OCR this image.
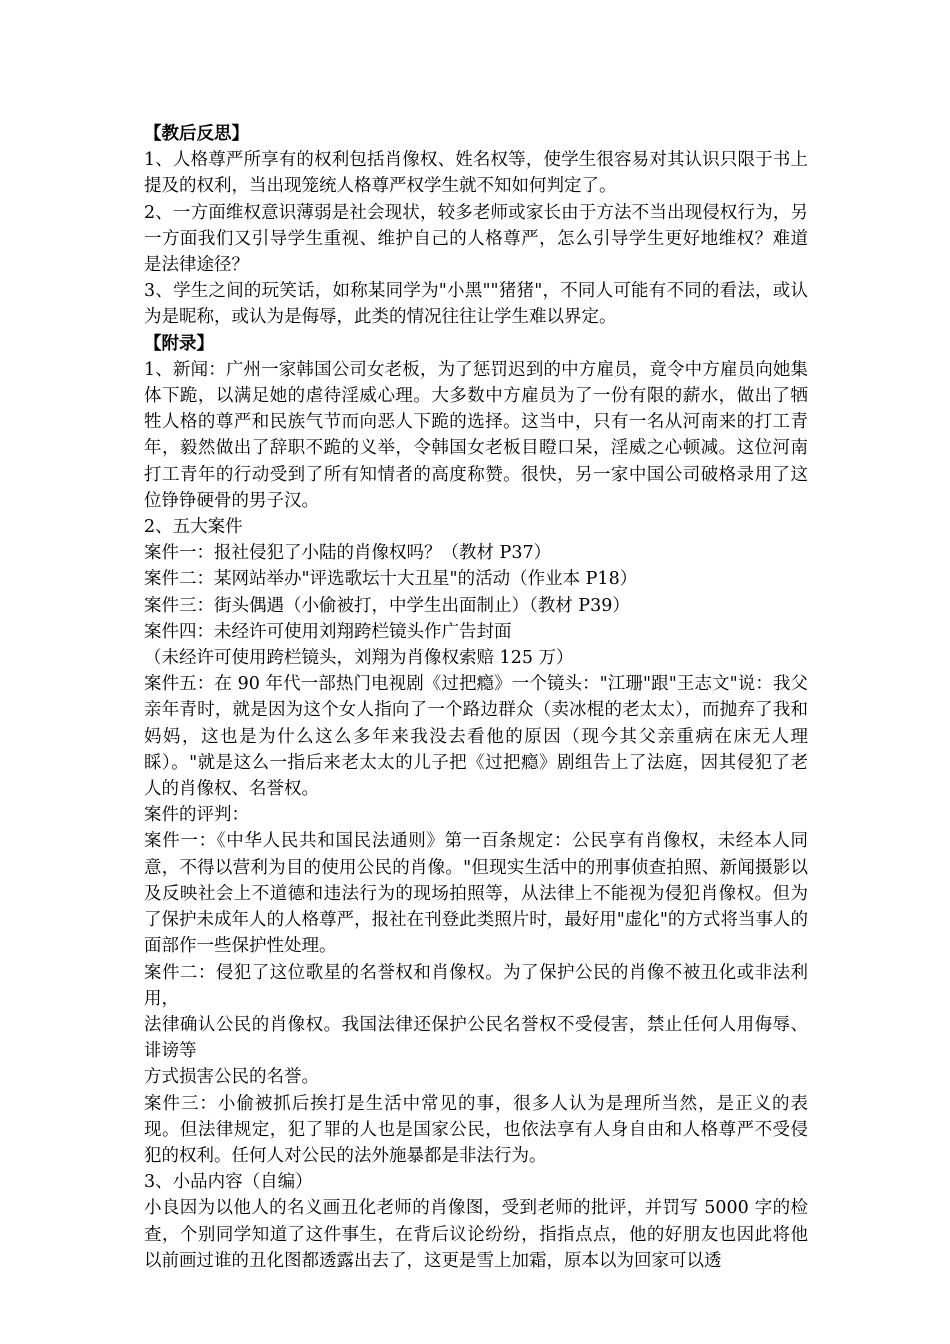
【教后反思】

1、人格尊严所享有的权利包括肖像权、姓名权等，使学生很容易对其认识只限于书上提及的权利，当出现笼统人格尊严权学生就不知如何判定了。

2、一方面维权意识薄弱是社会现状，较多老师或家长由于方法不当出现侵权行为，另一方面我们又引导学生重视、维护自己的人格尊严，怎么引导学生更好地维权？难道是法律途径？

3、学生之间的玩笑话，如称某同学为"小黑""猪猪"，不同人可能有不同的看法，或认为是昵称，或认为是侮辱，此类的情况往往让学生难以界定。

【附录】

1、新闻：广州一家韩国公司女老板，为了惩罚迟到的中方雇员，竟令中方雇员向她集体下跪，以满足她的虐待淫威心理。大多数中方雇员为了一份有限的薪水，做出了牺牲人格的尊严和民族气节而向恶人下跪的选择。这当中，只有一名从河南来的打工青年，毅然做出了辞职不跪的义举，令韩国女老板目瞪口呆，淫威之心顿减。这位河南打工青年的行动受到了所有知情者的高度称赞。很快，另一家中国公司破格录用了这位铮铮硬骨的男子汉。

2、五大案件

案件一：报社侵犯了小陆的肖像权吗？（教材 P37）

案件二：某网站举办"评选歌坛十大丑星"的活动（作业本 P18）

案件三：街头偶遇（小偷被打，中学生出面制止）（教材 P39）

案件四：未经许可使用刘翔跨栏镜头作广告封面

（未经许可使用跨栏镜头，刘翔为肖像权索赔 125 万）

案件五：在 90 年代一部热门电视剧《过把瘾》一个镜头："江珊"跟"王志文"说：我父亲年青时，就是因为这个女人指向了一个路边群众（卖冰棍的老太太），而抛弃了我和妈妈，这也是为什么这么多年来我没去看他的原因（现今其父亲重病在床无人理睬）。"就是这么一指后来老太太的儿子把《过把瘾》剧组告上了法庭，因其侵犯了老人的肖像权、名誉权。

案件的评判：

案件一：《中华人民共和国民法通则》第一百条规定：公民享有肖像权，未经本人同意，不得以营利为目的使用公民的肖像。"但现实生活中的刑事侦查拍照、新闻摄影以及反映社会上不道德和违法行为的现场拍照等，从法律上不能视为侵犯肖像权。但为了保护未成年人的人格尊严，报社在刊登此类照片时，最好用"虚化"的方式将当事人的面部作一些保护性处理。

案件二：侵犯了这位歌星的名誉权和肖像权。为了保护公民的肖像不被丑化或非法利用，

法律确认公民的肖像权。我国法律还保护公民名誉权不受侵害，禁止任何人用侮辱、诽谤等

方式损害公民的名誉。

案件三：小偷被抓后挨打是生活中常见的事，很多人认为是理所当然，是正义的表现。但法律规定，犯了罪的人也是国家公民，也依法享有人身自由和人格尊严不受侵犯的权利。任何人对公民的法外施暴都是非法行为。

3、小品内容（自编）

小良因为以他人的名义画丑化老师的肖像图，受到老师的批评，并罚写 5000 字的检查，个别同学知道了这件事生，在背后议论纷纷，指指点点，他的好朋友也因此将他以前画过谁的丑化图都透露出去了，这更是雪上加霜，原本以为回家可以透
